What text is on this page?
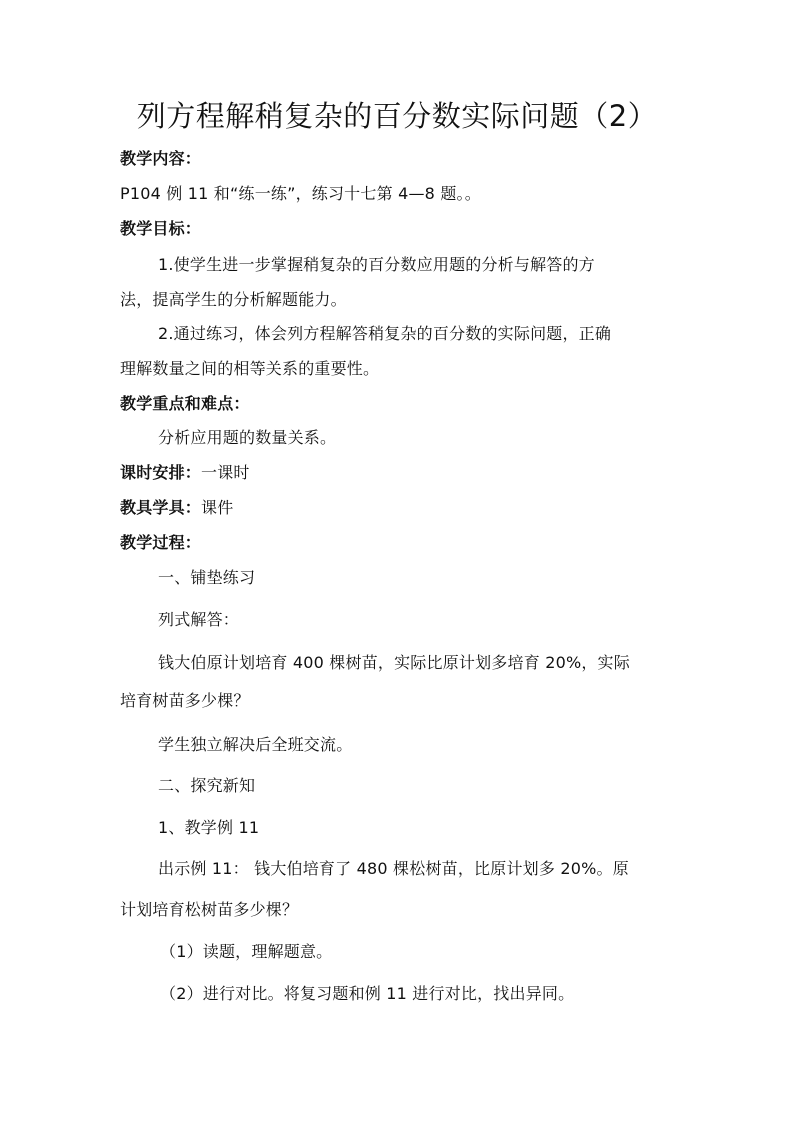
列方程解稍复杂的百分数实际问题（2）
教学内容：
P104 例 11 和“练一练”，练习十七第 4—8 题。。
教学目标：
1.使学生进一步掌握稍复杂的百分数应用题的分析与解答的方
法，提高学生的分析解题能力。
2.通过练习，体会列方程解答稍复杂的百分数的实际问题，正确
理解数量之间的相等关系的重要性。
教学重点和难点：
分析应用题的数量关系。
课时安排：一课时
教具学具：课件
教学过程：
一、铺垫练习
列式解答：
钱大伯原计划培育 400 棵树苗，实际比原计划多培育 20%，实际
培育树苗多少棵？
学生独立解决后全班交流。
二、探究新知
1、教学例 11
出示例 11： 钱大伯培育了 480 棵松树苗，比原计划多 20%。原
计划培育松树苗多少棵？
（1）读题，理解题意。
（2）进行对比。将复习题和例 11 进行对比，找出异同。
